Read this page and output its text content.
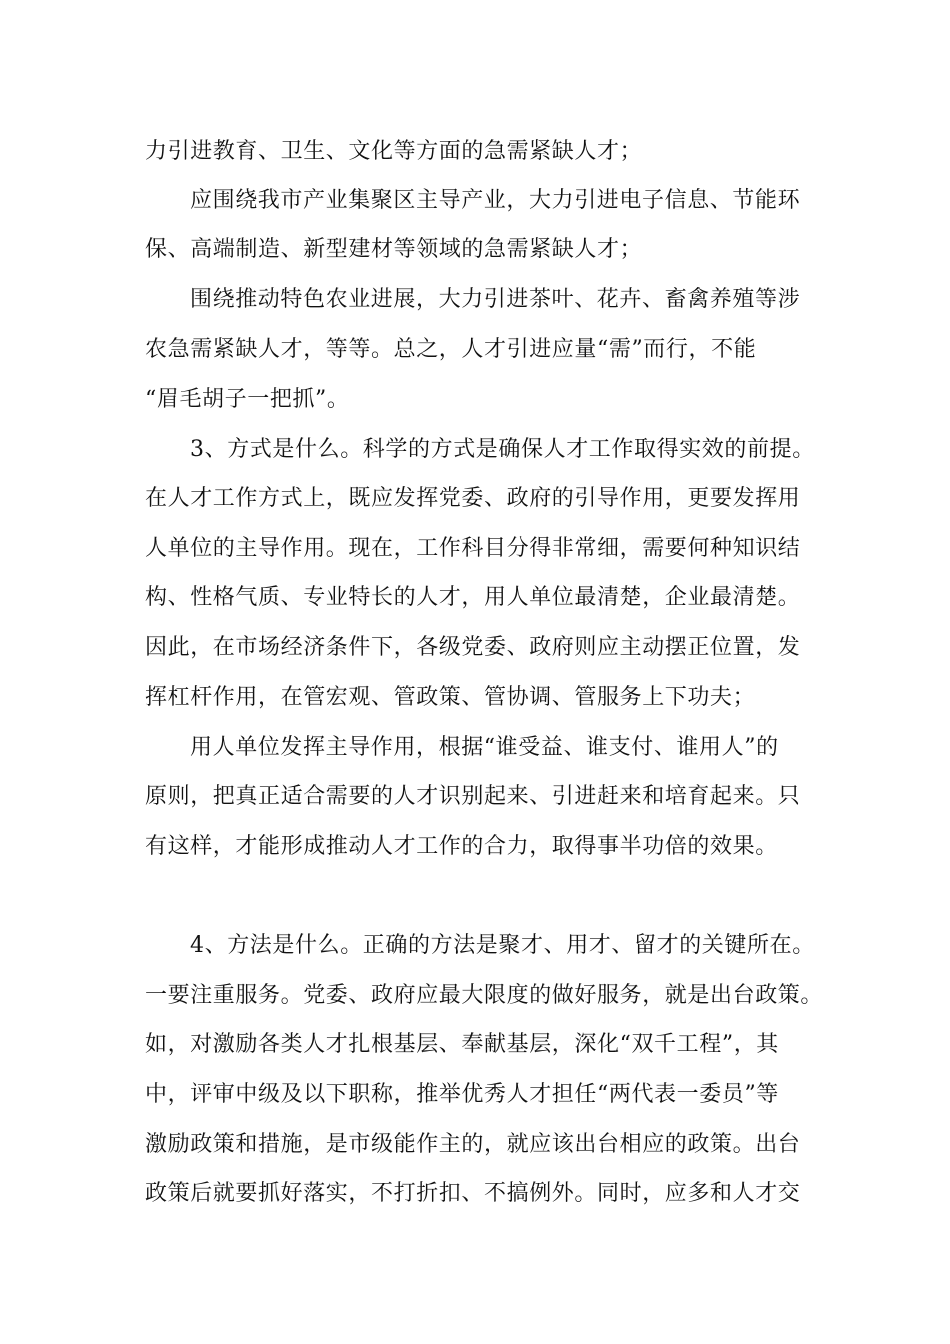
力引进教育、卫生、文化等方面的急需紧缺人才；
应围绕我市产业集聚区主导产业，大力引进电子信息、节能环
保、高端制造、新型建材等领域的急需紧缺人才；
围绕推动特色农业进展，大力引进茶叶、花卉、畜禽养殖等涉
农急需紧缺人才，等等。总之，人才引进应量“需”而行，不能
“眉毛胡子一把抓”。
3、方式是什么。科学的方式是确保人才工作取得实效的前提。
在人才工作方式上，既应发挥党委、政府的引导作用，更要发挥用
人单位的主导作用。现在，工作科目分得非常细，需要何种知识结
构、性格气质、专业特长的人才，用人单位最清楚，企业最清楚。
因此，在市场经济条件下，各级党委、政府则应主动摆正位置，发
挥杠杆作用，在管宏观、管政策、管协调、管服务上下功夫；
用人单位发挥主导作用，根据“谁受益、谁支付、谁用人”的
原则，把真正适合需要的人才识别起来、引进赶来和培育起来。只
有这样，才能形成推动人才工作的合力，取得事半功倍的效果。
4、方法是什么。正确的方法是聚才、用才、留才的关键所在。
一要注重服务。党委、政府应最大限度的做好服务，就是出台政策。
如，对激励各类人才扎根基层、奉献基层，深化“双千工程”，其
中，评审中级及以下职称，推举优秀人才担任“两代表一委员”等
激励政策和措施，是市级能作主的，就应该出台相应的政策。出台
政策后就要抓好落实，不打折扣、不搞例外。同时，应多和人才交
